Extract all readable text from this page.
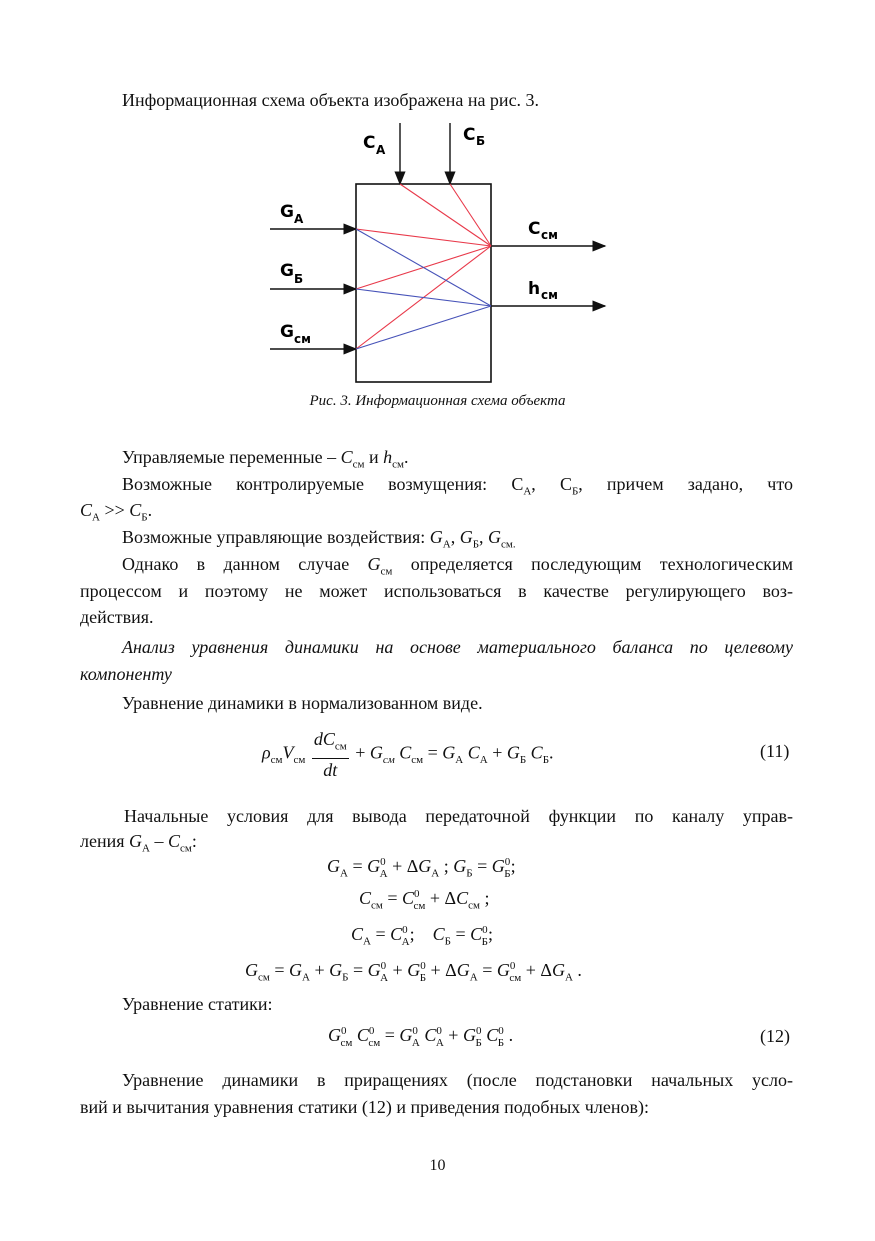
Информационная схема объекта изображена на рис. 3.
С А
С Б
G А
G Б
G см
С см
h см
Рис. 3. Информационная схема объекта
Управляемые переменные – $C_{см}$ и $h_{см}$.
Возможные контролируемые возмущения: $С_А$, $С_Б$, причем задано, что
$C_А >> C_Б$.
Возможные управляющие воздействия: $G_А$, $G_Б$, $G_{см.}$
Однако в данном случае $G_{см}$ определяется последующим технологическим
процессом и поэтому не может использоваться в качестве регулирующего воз-
действия.
Анализ уравнения динамики на основе материального баланса по целевому
компоненту
Уравнение динамики в нормализованном виде.
$\rho_{см}V_{см} \frac{dC_{см}}{dt} + G_{см}$ $C_{см} = G_А$ $C_А + G_Б$ $C_Б$.	(11)
Начальные условия для вывода передаточной функции по каналу управ-
ления $G_А - C_{см}$:
$G_А = G^0_А + \Delta G_А$ ; $G_Б = G^0_Б$;
$C_{см} = C^0_{см} + \Delta C_{см}$ ;
$C_А = C^0_А$;    $C_Б = C^0_Б$;
$G_{см} = G_А + G_Б = G^0_А + G^0_Б + \Delta G_А = G^0_{см} + \Delta G_А$ .
Уравнение статики:
$G^0_{см}$ $C^0_{см} = G^0_А$ $C^0_А + G^0_Б$ $C^0_Б$ .	(12)
Уравнение динамики в приращениях (после подстановки начальных усло-
вий и вычитания уравнения статики (12) и приведения подобных членов):
10
